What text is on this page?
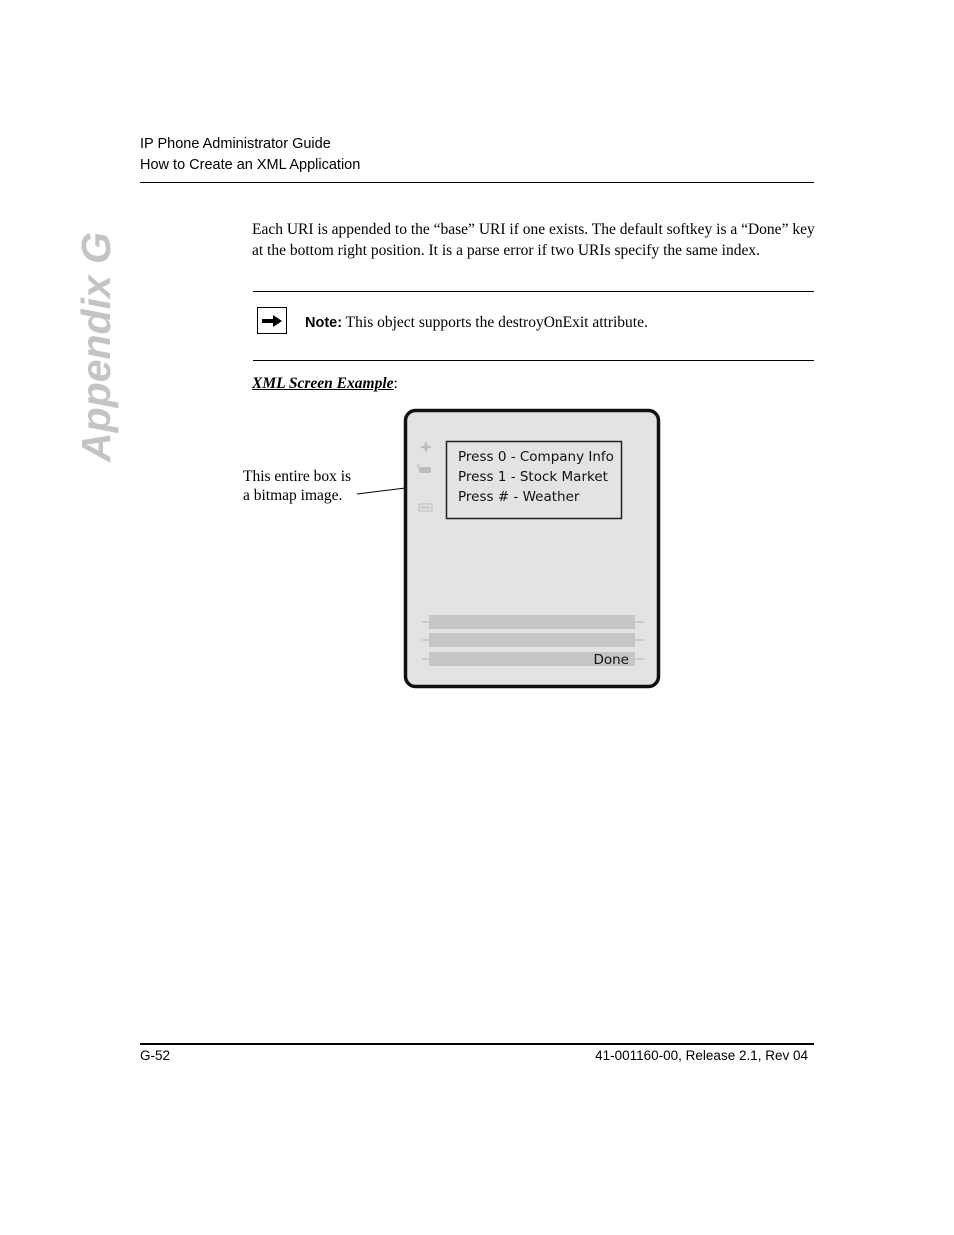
IP Phone Administrator Guide
How to Create an XML Application
Appendix G
Each URI is appended to the “base” URI if one exists. The default softkey is a “Done” key at the bottom right position. It is a parse error if two URIs specify the same index.
Note: This object supports the destroyOnExit attribute.
XML Screen Example:
This entire box is
a bitmap image.
Press 0 - Company Info
Press 1 - Stock Market
Press # - Weather
Done
G-52	41-001160-00, Release 2.1, Rev 04
